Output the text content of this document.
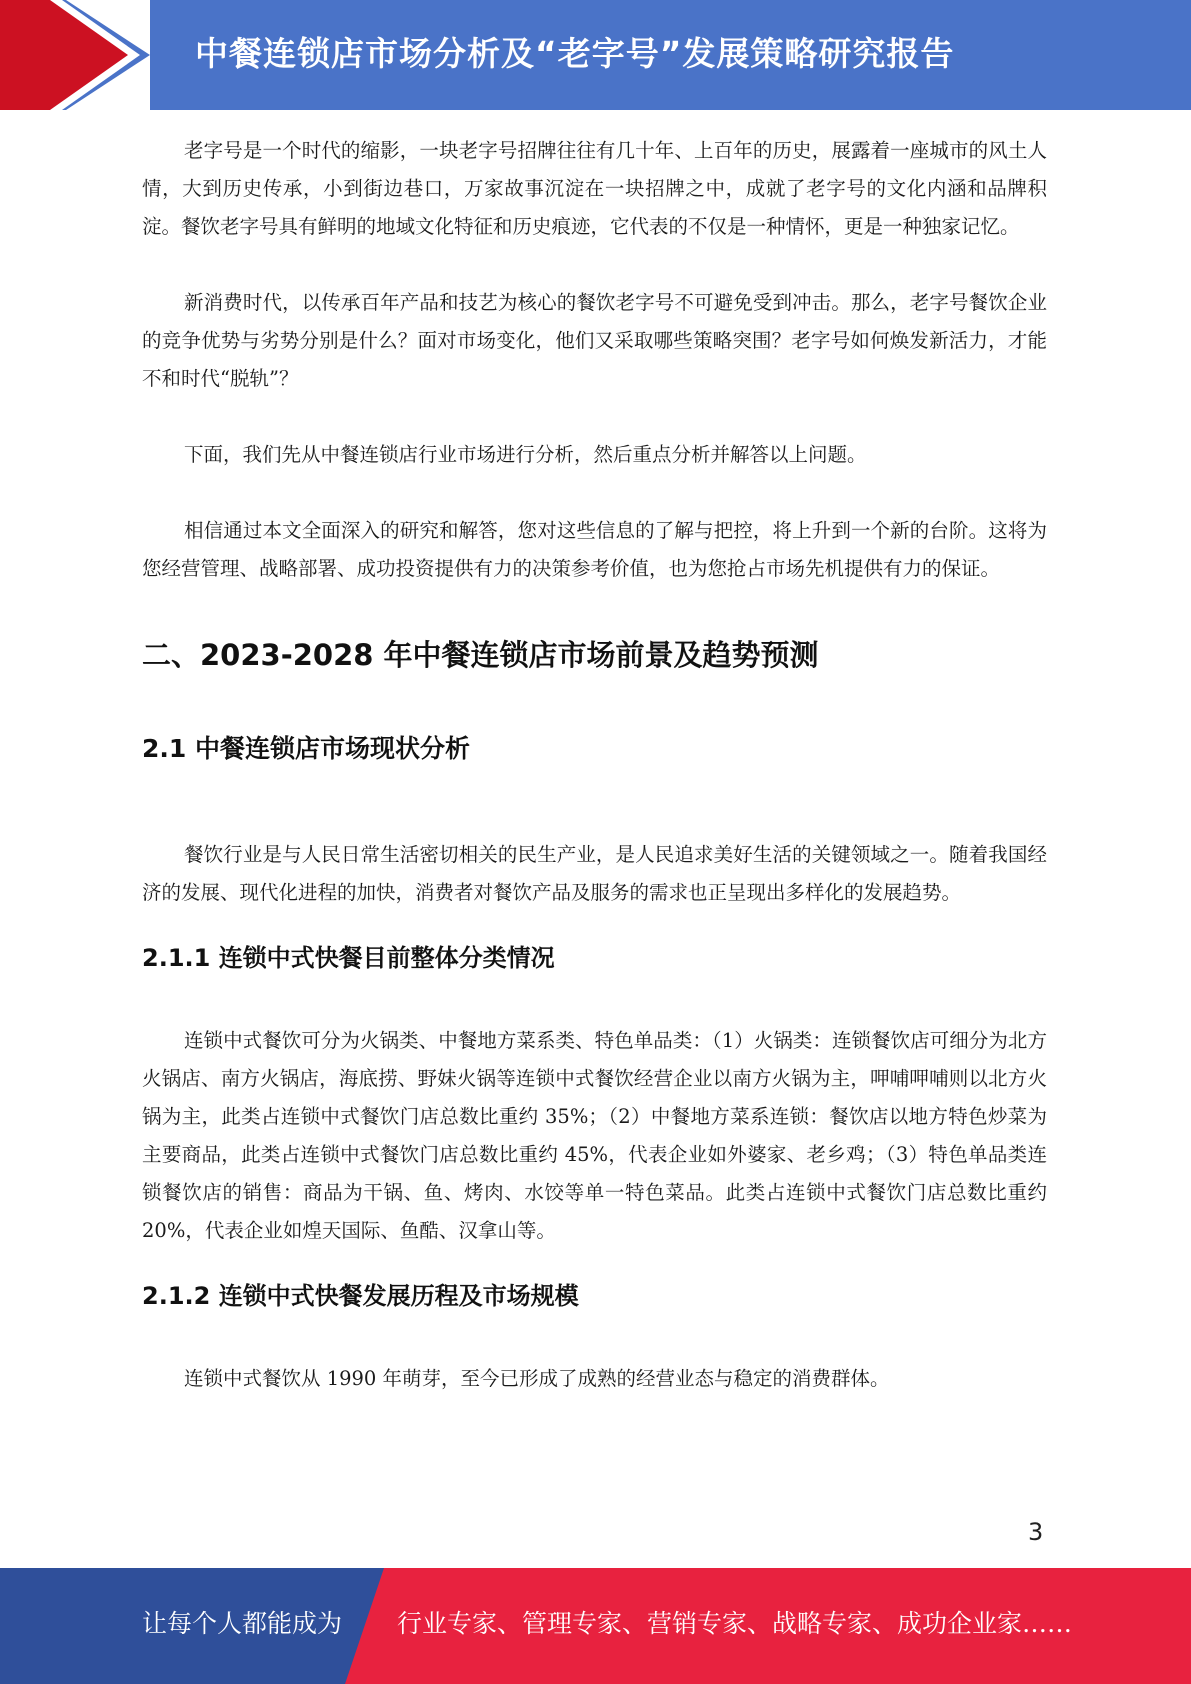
中餐连锁店市场分析及“老字号”发展策略研究报告

老字号是一个时代的缩影，一块老字号招牌往往有几十年、上百年的历史，展露着一座城市的风土人情，大到历史传承，小到街边巷口，万家故事沉淀在一块招牌之中，成就了老字号的文化内涵和品牌积淀。餐饮老字号具有鲜明的地域文化特征和历史痕迹，它代表的不仅是一种情怀，更是一种独家记忆。

新消费时代，以传承百年产品和技艺为核心的餐饮老字号不可避免受到冲击。那么，老字号餐饮企业的竞争优势与劣势分别是什么？面对市场变化，他们又采取哪些策略突围？老字号如何焕发新活力，才能不和时代“脱轨”？

下面，我们先从中餐连锁店行业市场进行分析，然后重点分析并解答以上问题。

相信通过本文全面深入的研究和解答，您对这些信息的了解与把控，将上升到一个新的台阶。这将为您经营管理、战略部署、成功投资提供有力的决策参考价值，也为您抢占市场先机提供有力的保证。

二、2023-2028 年中餐连锁店市场前景及趋势预测
2.1 中餐连锁店市场现状分析

餐饮行业是与人民日常生活密切相关的民生产业，是人民追求美好生活的关键领域之一。随着我国经济的发展、现代化进程的加快，消费者对餐饮产品及服务的需求也正呈现出多样化的发展趋势。

2.1.1 连锁中式快餐目前整体分类情况

连锁中式餐饮可分为火锅类、中餐地方菜系类、特色单品类：（1）火锅类：连锁餐饮店可细分为北方火锅店、南方火锅店，海底捞、野妹火锅等连锁中式餐饮经营企业以南方火锅为主，呷哺呷哺则以北方火锅为主，此类占连锁中式餐饮门店总数比重约 35%；（2）中餐地方菜系连锁：餐饮店以地方特色炒菜为主要商品，此类占连锁中式餐饮门店总数比重约 45%，代表企业如外婆家、老乡鸡；（3）特色单品类连锁餐饮店的销售：商品为干锅、鱼、烤肉、水饺等单一特色菜品。此类占连锁中式餐饮门店总数比重约 20%，代表企业如煌天国际、鱼酷、汉拿山等。

2.1.2 连锁中式快餐发展历程及市场规模

连锁中式餐饮从 1990 年萌芽，至今已形成了成熟的经营业态与稳定的消费群体。

3
让每个人都能成为 行业专家、管理专家、营销专家、战略专家、成功企业家……
